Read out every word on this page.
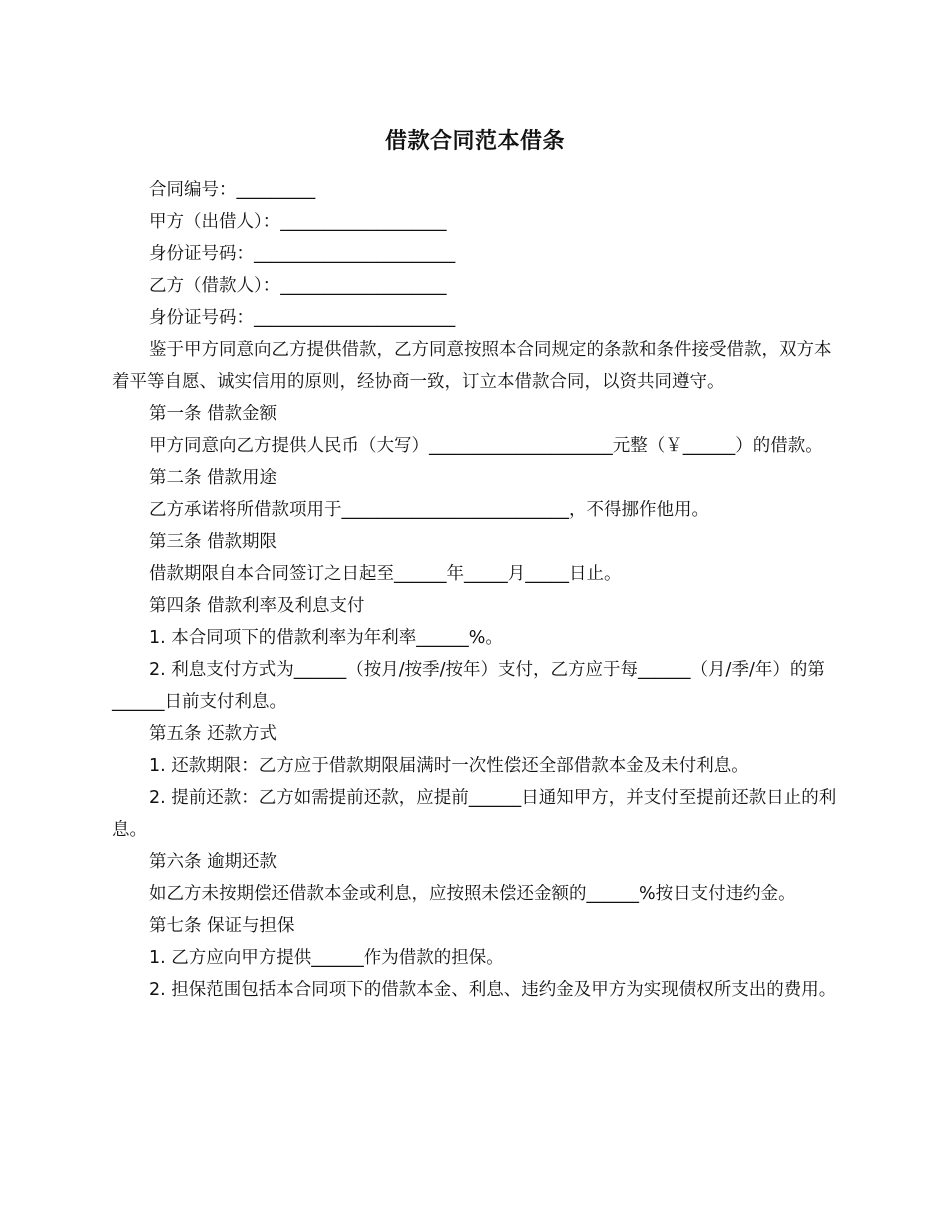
借款合同范本借条

合同编号：_________

甲方（出借人）：___________________

身份证号码：_______________________

乙方（借款人）：___________________

身份证号码：_______________________

鉴于甲方同意向乙方提供借款，乙方同意按照本合同规定的条款和条件接受借款，双方本着平等自愿、诚实信用的原则，经协商一致，订立本借款合同，以资共同遵守。

第一条 借款金额

甲方同意向乙方提供人民币（大写）_____________________元整（￥______）的借款。

第二条 借款用途

乙方承诺将所借款项用于__________________________，不得挪作他用。

第三条 借款期限

借款期限自本合同签订之日起至______年_____月_____日止。

第四条 借款利率及利息支付

1. 本合同项下的借款利率为年利率______%。

2. 利息支付方式为______（按月/按季/按年）支付，乙方应于每______（月/季/年）的第______日前支付利息。

第五条 还款方式

1. 还款期限：乙方应于借款期限届满时一次性偿还全部借款本金及未付利息。

2. 提前还款：乙方如需提前还款，应提前______日通知甲方，并支付至提前还款日止的利息。

第六条 逾期还款

如乙方未按期偿还借款本金或利息，应按照未偿还金额的______%按日支付违约金。

第七条 保证与担保

1. 乙方应向甲方提供______作为借款的担保。

2. 担保范围包括本合同项下的借款本金、利息、违约金及甲方为实现债权所支出的费用。
